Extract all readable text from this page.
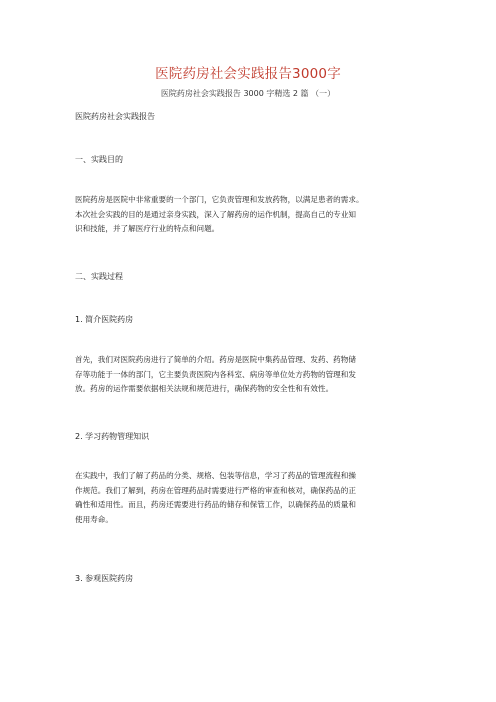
医院药房社会实践报告3000字
医院药房社会实践报告 3000 字精选 2 篇 （一）
医院药房社会实践报告
一、实践目的
医院药房是医院中非常重要的一个部门，它负责管理和发放药物，以满足患者的需求。
本次社会实践的目的是通过亲身实践，深入了解药房的运作机制，提高自己的专业知
识和技能，并了解医疗行业的特点和问题。
二、实践过程
1. 简介医院药房
首先，我们对医院药房进行了简单的介绍。药房是医院中集药品管理、发药、药物储
存等功能于一体的部门，它主要负责医院内各科室、病房等单位处方药物的管理和发
放。药房的运作需要依据相关法规和规范进行，确保药物的安全性和有效性。
2. 学习药物管理知识
在实践中，我们了解了药品的分类、规格、包装等信息，学习了药品的管理流程和操
作规范。我们了解到，药房在管理药品时需要进行严格的审查和核对，确保药品的正
确性和适用性。而且，药房还需要进行药品的储存和保管工作，以确保药品的质量和
使用寿命。
3. 参观医院药房
